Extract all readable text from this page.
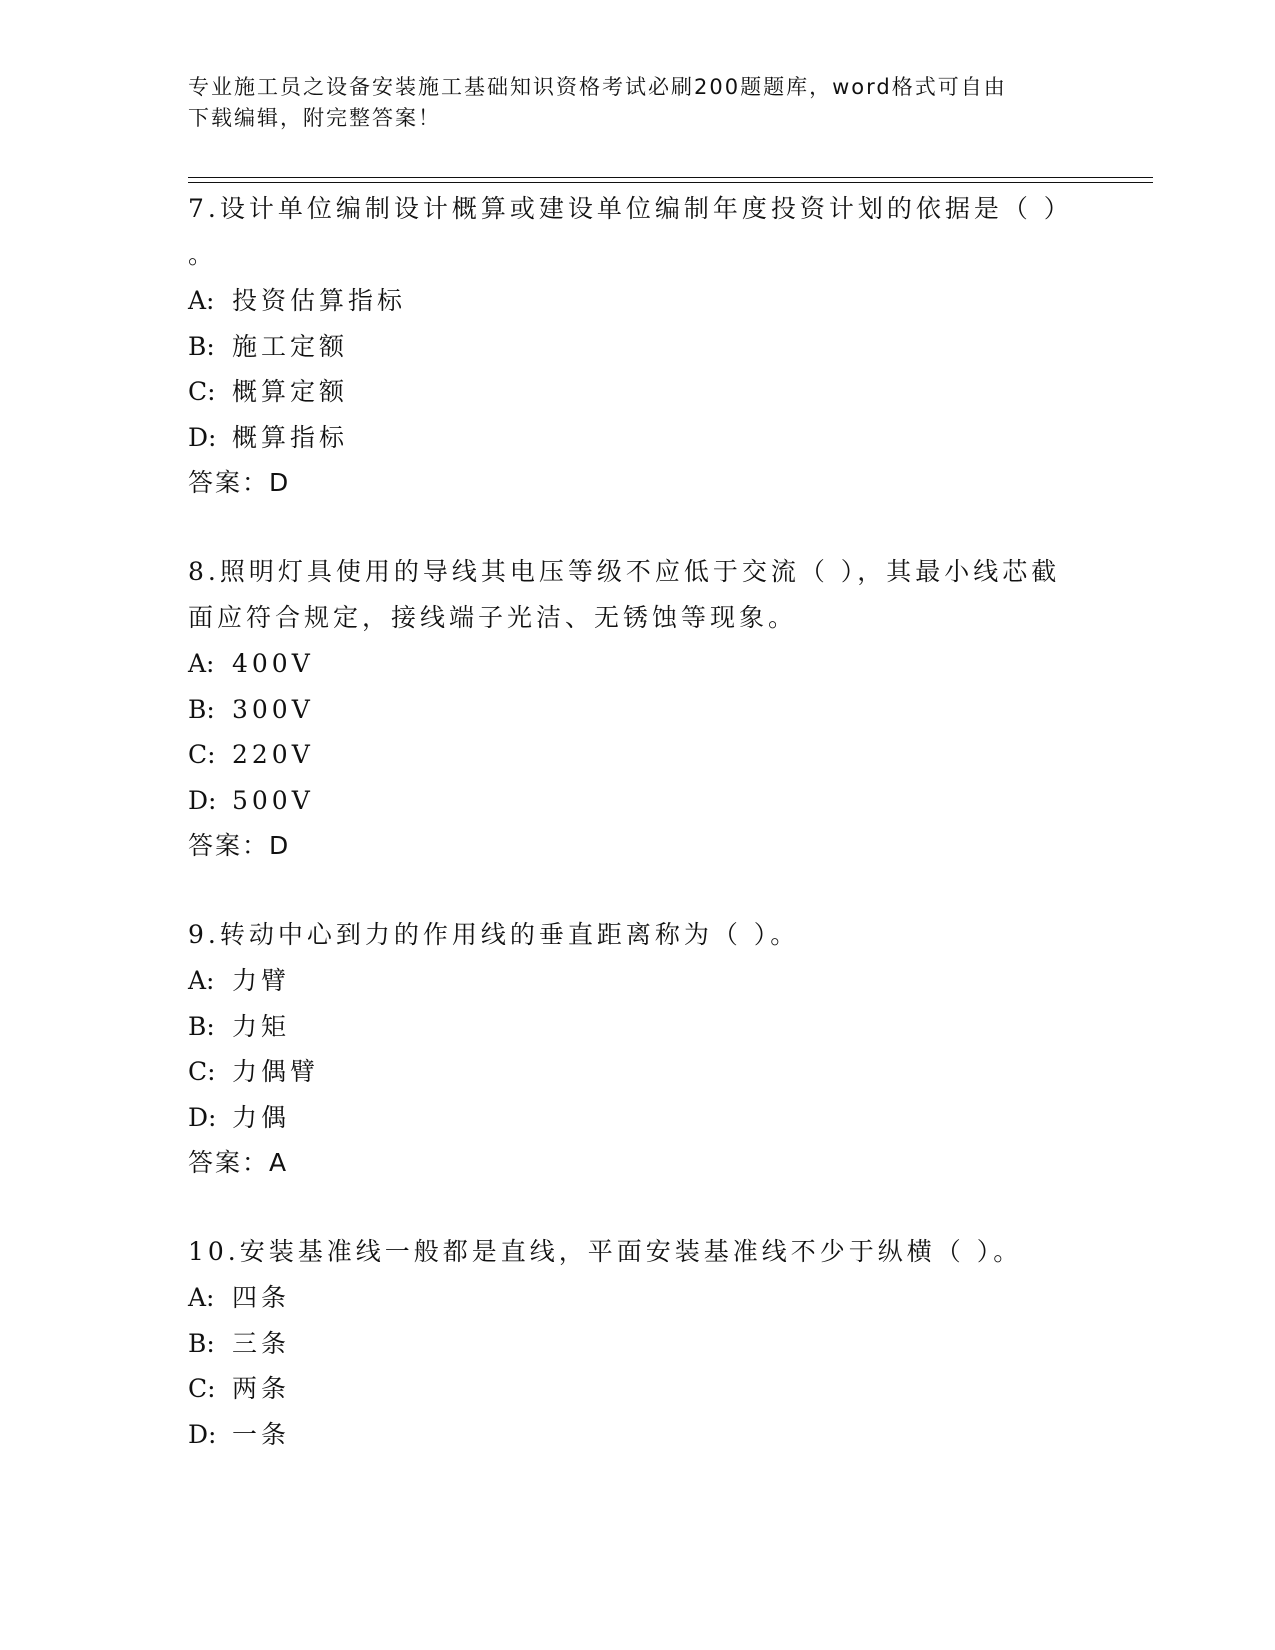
专业施工员之设备安装施工基础知识资格考试必刷200题题库，word格式可自由
下载编辑，附完整答案！
7.设计单位编制设计概算或建设单位编制年度投资计划的依据是（ ）
。
A: 投资估算指标
B: 施工定额
C: 概算定额
D: 概算指标
答案：D
8.照明灯具使用的导线其电压等级不应低于交流（ ），其最小线芯截
面应符合规定，接线端子光洁、无锈蚀等现象。
A: 400V
B: 300V
C: 220V
D: 500V
答案：D
9.转动中心到力的作用线的垂直距离称为（ ）。
A: 力臂
B: 力矩
C: 力偶臂
D: 力偶
答案：A
10.安装基准线一般都是直线，平面安装基准线不少于纵横（ ）。
A: 四条
B: 三条
C: 两条
D: 一条
